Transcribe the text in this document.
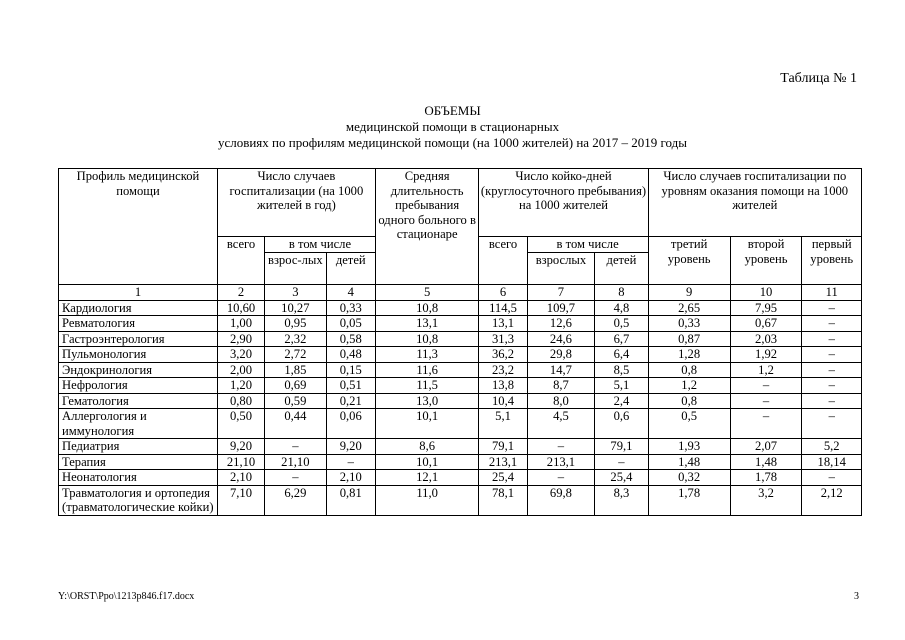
Таблица № 1
ОБЪЕМЫ
медицинской помощи в стационарных
условиях по профилям медицинской помощи (на 1000 жителей) на 2017 – 2019 годы
Профиль медицинской помощи	Число случаев госпитализации (на 1000 жителей в год)			Средняя длительность пребывания одного больного в стационаре	Число койко-дней (круглосуточного пребывания) на 1000 жителей			Число случаев госпитализации по уровням оказания помощи на 1000 жителей		
	всего	в том числе			всего	в том числе		третий уровень	второй уровень	первый уровень
		взрос-лых	детей			взрослых	детей			
1	2	3	4	5	6	7	8	9	10	11
Кардиология	10,60	10,27	0,33	10,8	114,5	109,7	4,8	2,65	7,95	–
Ревматология	1,00	0,95	0,05	13,1	13,1	12,6	0,5	0,33	0,67	–
Гастроэнтерология	2,90	2,32	0,58	10,8	31,3	24,6	6,7	0,87	2,03	–
Пульмонология	3,20	2,72	0,48	11,3	36,2	29,8	6,4	1,28	1,92	–
Эндокринология	2,00	1,85	0,15	11,6	23,2	14,7	8,5	0,8	1,2	–
Нефрология	1,20	0,69	0,51	11,5	13,8	8,7	5,1	1,2	–	–
Гематология	0,80	0,59	0,21	13,0	10,4	8,0	2,4	0,8	–	–
Аллергология и иммунология	0,50	0,44	0,06	10,1	5,1	4,5	0,6	0,5	–	–
Педиатрия	9,20	–	9,20	8,6	79,1	–	79,1	1,93	2,07	5,2
Терапия	21,10	21,10	–	10,1	213,1	213,1	–	1,48	1,48	18,14
Неонатология	2,10	–	2,10	12,1	25,4	–	25,4	0,32	1,78	–
Травматология и ортопедия (травматологические койки)	7,10	6,29	0,81	11,0	78,1	69,8	8,3	1,78	3,2	2,12
Y:\ORST\Ppo\1213p846.f17.docx	3
